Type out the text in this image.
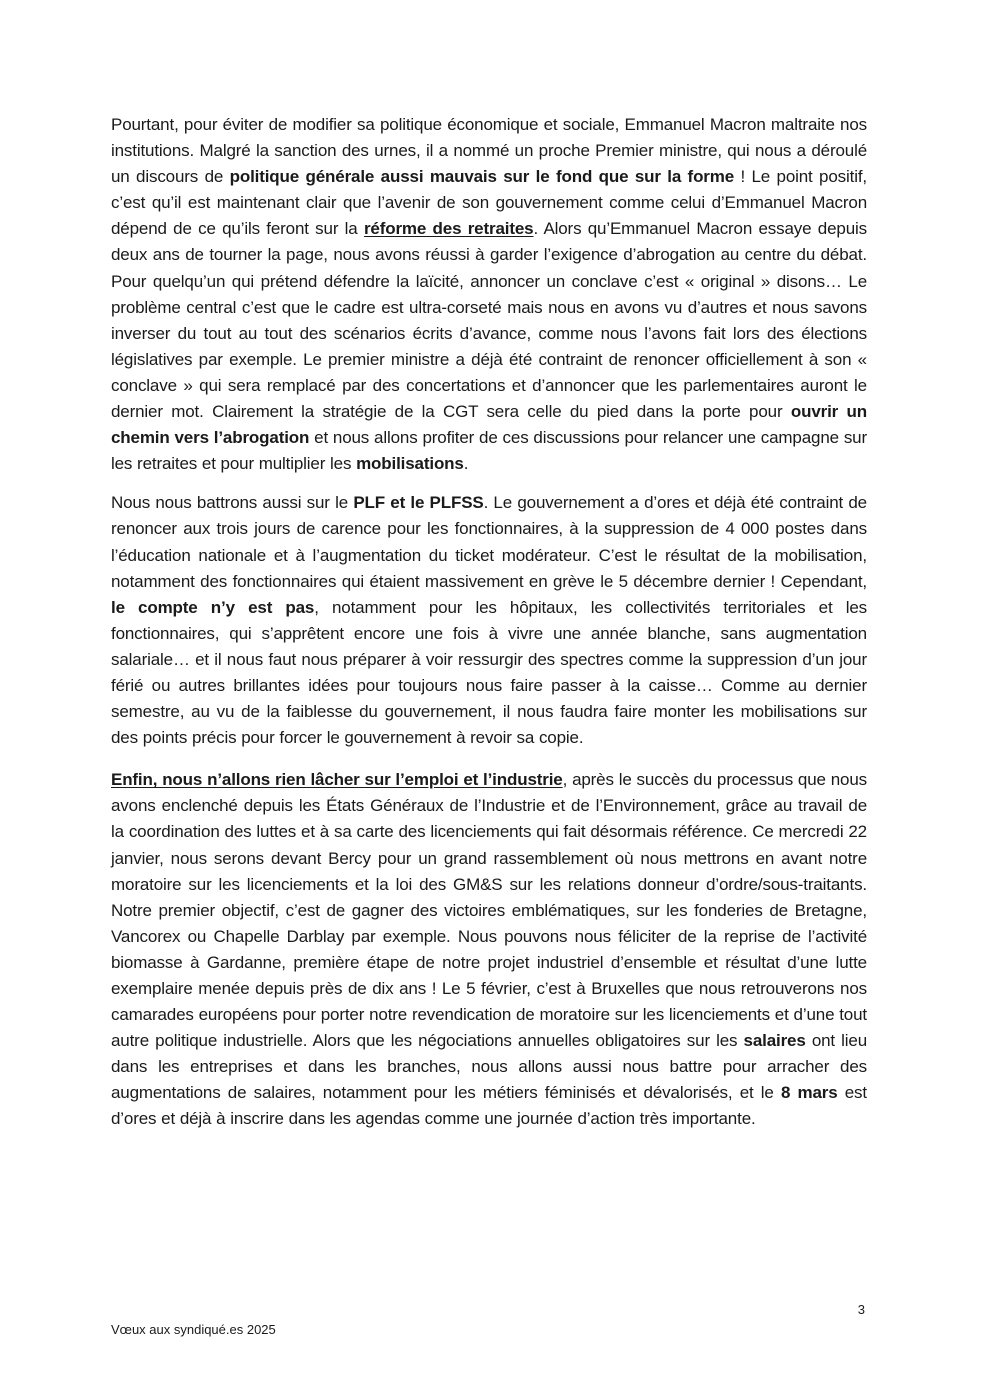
Pourtant, pour éviter de modifier sa politique économique et sociale, Emmanuel Macron maltraite nos institutions. Malgré la sanction des urnes, il a nommé un proche Premier ministre, qui nous a déroulé un discours de politique générale aussi mauvais sur le fond que sur la forme ! Le point positif, c’est qu’il est maintenant clair que l’avenir de son gouvernement comme celui d’Emmanuel Macron dépend de ce qu’ils feront sur la réforme des retraites. Alors qu’Emmanuel Macron essaye depuis deux ans de tourner la page, nous avons réussi à garder l’exigence d’abrogation au centre du débat. Pour quelqu’un qui prétend défendre la laïcité, annoncer un conclave c’est « original » disons… Le problème central c’est que le cadre est ultra-corseté mais nous en avons vu d’autres et nous savons inverser du tout au tout des scénarios écrits d’avance, comme nous l’avons fait lors des élections législatives par exemple. Le premier ministre a déjà été contraint de renoncer officiellement à son « conclave » qui sera remplacé par des concertations et d’annoncer que les parlementaires auront le dernier mot. Clairement la stratégie de la CGT sera celle du pied dans la porte pour ouvrir un chemin vers l’abrogation et nous allons profiter de ces discussions pour relancer une campagne sur les retraites et pour multiplier les mobilisations.

Nous nous battrons aussi sur le PLF et le PLFSS. Le gouvernement a d’ores et déjà été contraint de renoncer aux trois jours de carence pour les fonctionnaires, à la suppression de 4 000 postes dans l’éducation nationale et à l’augmentation du ticket modérateur. C’est le résultat de la mobilisation, notamment des fonctionnaires qui étaient massivement en grève le 5 décembre dernier ! Cependant, le compte n’y est pas, notamment pour les hôpitaux, les collectivités territoriales et les fonctionnaires, qui s’apprêtent encore une fois à vivre une année blanche, sans augmentation salariale… et il nous faut nous préparer à voir ressurgir des spectres comme la suppression d’un jour férié ou autres brillantes idées pour toujours nous faire passer à la caisse… Comme au dernier semestre, au vu de la faiblesse du gouvernement, il nous faudra faire monter les mobilisations sur des points précis pour forcer le gouvernement à revoir sa copie.

Enfin, nous n’allons rien lâcher sur l’emploi et l’industrie, après le succès du processus que nous avons enclenché depuis les États Généraux de l’Industrie et de l’Environnement, grâce au travail de la coordination des luttes et à sa carte des licenciements qui fait désormais référence. Ce mercredi 22 janvier, nous serons devant Bercy pour un grand rassemblement où nous mettrons en avant notre moratoire sur les licenciements et la loi des GM&S sur les relations donneur d’ordre/sous-traitants. Notre premier objectif, c’est de gagner des victoires emblématiques, sur les fonderies de Bretagne, Vancorex ou Chapelle Darblay par exemple. Nous pouvons nous féliciter de la reprise de l’activité biomasse à Gardanne, première étape de notre projet industriel d’ensemble et résultat d’une lutte exemplaire menée depuis près de dix ans ! Le 5 février, c’est à Bruxelles que nous retrouverons nos camarades européens pour porter notre revendication de moratoire sur les licenciements et d’une tout autre politique industrielle. Alors que les négociations annuelles obligatoires sur les salaires ont lieu dans les entreprises et dans les branches, nous allons aussi nous battre pour arracher des augmentations de salaires, notamment pour les métiers féminisés et dévalorisés, et le 8 mars est d’ores et déjà à inscrire dans les agendas comme une journée d’action très importante.

3
Vœux aux syndiqué.es 2025
